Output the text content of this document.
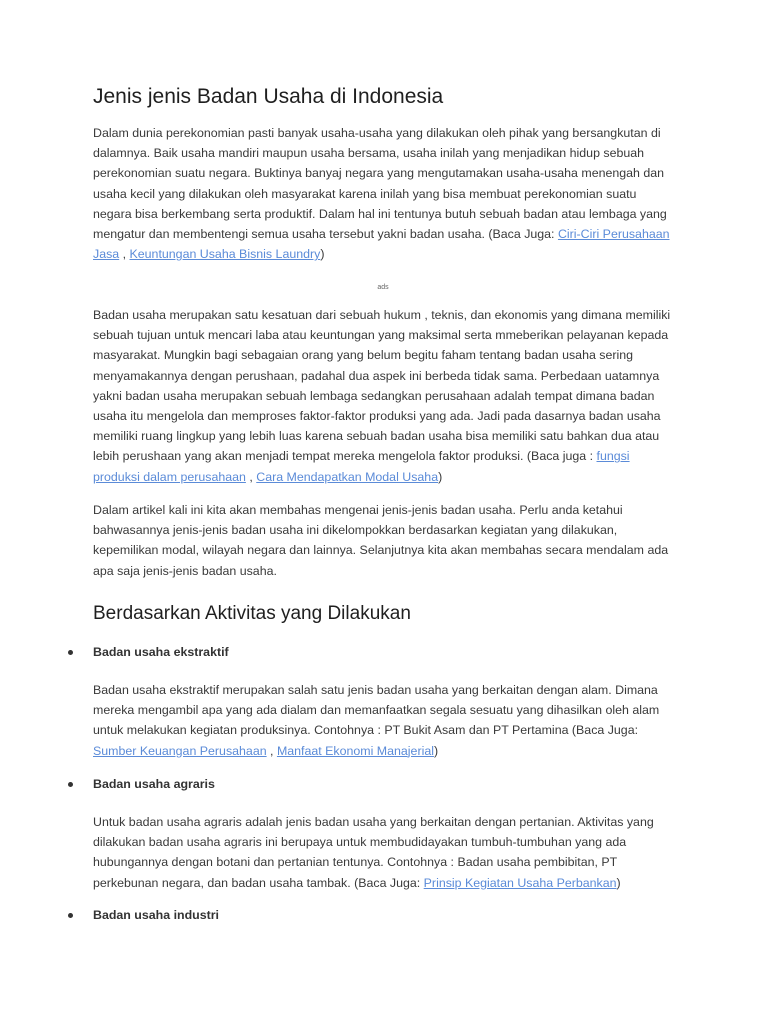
Jenis jenis Badan Usaha di Indonesia

Dalam dunia perekonomian pasti banyak usaha-usaha yang dilakukan oleh pihak yang bersangkutan di dalamnya. Baik usaha mandiri maupun usaha bersama, usaha inilah yang menjadikan hidup sebuah perekonomian suatu negara. Buktinya banyaj negara yang mengutamakan usaha-usaha menengah dan usaha kecil yang dilakukan oleh masyarakat karena inilah yang bisa membuat perekonomian suatu negara bisa berkembang serta produktif. Dalam hal ini tentunya butuh sebuah badan atau lembaga yang mengatur dan membentengi semua usaha tersebut yakni badan usaha. (Baca Juga: Ciri-Ciri Perusahaan Jasa , Keuntungan Usaha Bisnis Laundry)

ads

Badan usaha merupakan satu kesatuan dari sebuah hukum , teknis, dan ekonomis yang dimana memiliki sebuah tujuan untuk mencari laba atau keuntungan yang maksimal serta mmeberikan pelayanan kepada masyarakat. Mungkin bagi sebagaian orang yang belum begitu faham tentang badan usaha sering menyamakannya dengan perushaan, padahal dua aspek ini berbeda tidak sama. Perbedaan uatamnya yakni badan usaha merupakan sebuah lembaga sedangkan perusahaan adalah tempat dimana badan usaha itu mengelola dan memproses faktor-faktor produksi yang ada. Jadi pada dasarnya badan usaha memiliki ruang lingkup yang lebih luas karena sebuah badan usaha bisa memiliki satu bahkan dua atau lebih perushaan yang akan menjadi tempat mereka mengelola faktor produksi. (Baca juga : fungsi produksi dalam perusahaan , Cara Mendapatkan Modal Usaha)

Dalam artikel kali ini kita akan membahas mengenai jenis-jenis badan usaha. Perlu anda ketahui bahwasannya jenis-jenis badan usaha ini dikelompokkan berdasarkan kegiatan yang dilakukan, kepemilikan modal, wilayah negara dan lainnya. Selanjutnya kita akan membahas secara mendalam ada apa saja jenis-jenis badan usaha.

Berdasarkan Aktivitas yang Dilakukan
Badan usaha ekstraktif

Badan usaha ekstraktif merupakan salah satu jenis badan usaha yang berkaitan dengan alam. Dimana mereka mengambil apa yang ada dialam dan memanfaatkan segala sesuatu yang dihasilkan oleh alam untuk melakukan kegiatan produksinya. Contohnya : PT Bukit Asam dan PT Pertamina (Baca Juga: Sumber Keuangan Perusahaan , Manfaat Ekonomi Manajerial)

Badan usaha agraris

Untuk badan usaha agraris adalah jenis badan usaha yang berkaitan dengan pertanian. Aktivitas yang dilakukan badan usaha agraris ini berupaya untuk membudidayakan tumbuh-tumbuhan yang ada hubungannya dengan botani dan pertanian tentunya. Contohnya : Badan usaha pembibitan, PT perkebunan negara, dan badan usaha tambak. (Baca Juga: Prinsip Kegiatan Usaha Perbankan)

Badan usaha industri
